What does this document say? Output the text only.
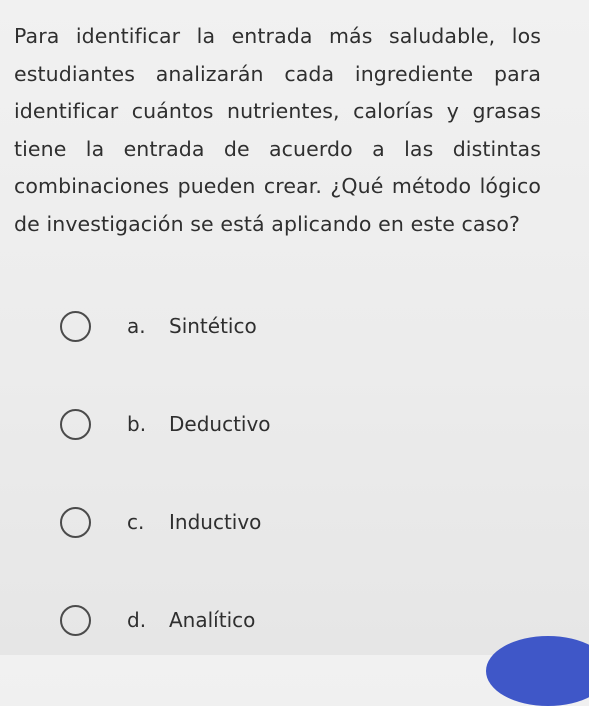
Para identificar la entrada más saludable, los estudiantes analizarán cada ingrediente para identificar cuántos nutrientes, calorías y grasas tiene la entrada de acuerdo a las distintas combinaciones pueden crear. ¿Qué método lógico de investigación se está aplicando en este caso?

a.	Sintético
b.	Deductivo
c.	Inductivo
d.	Analítico
